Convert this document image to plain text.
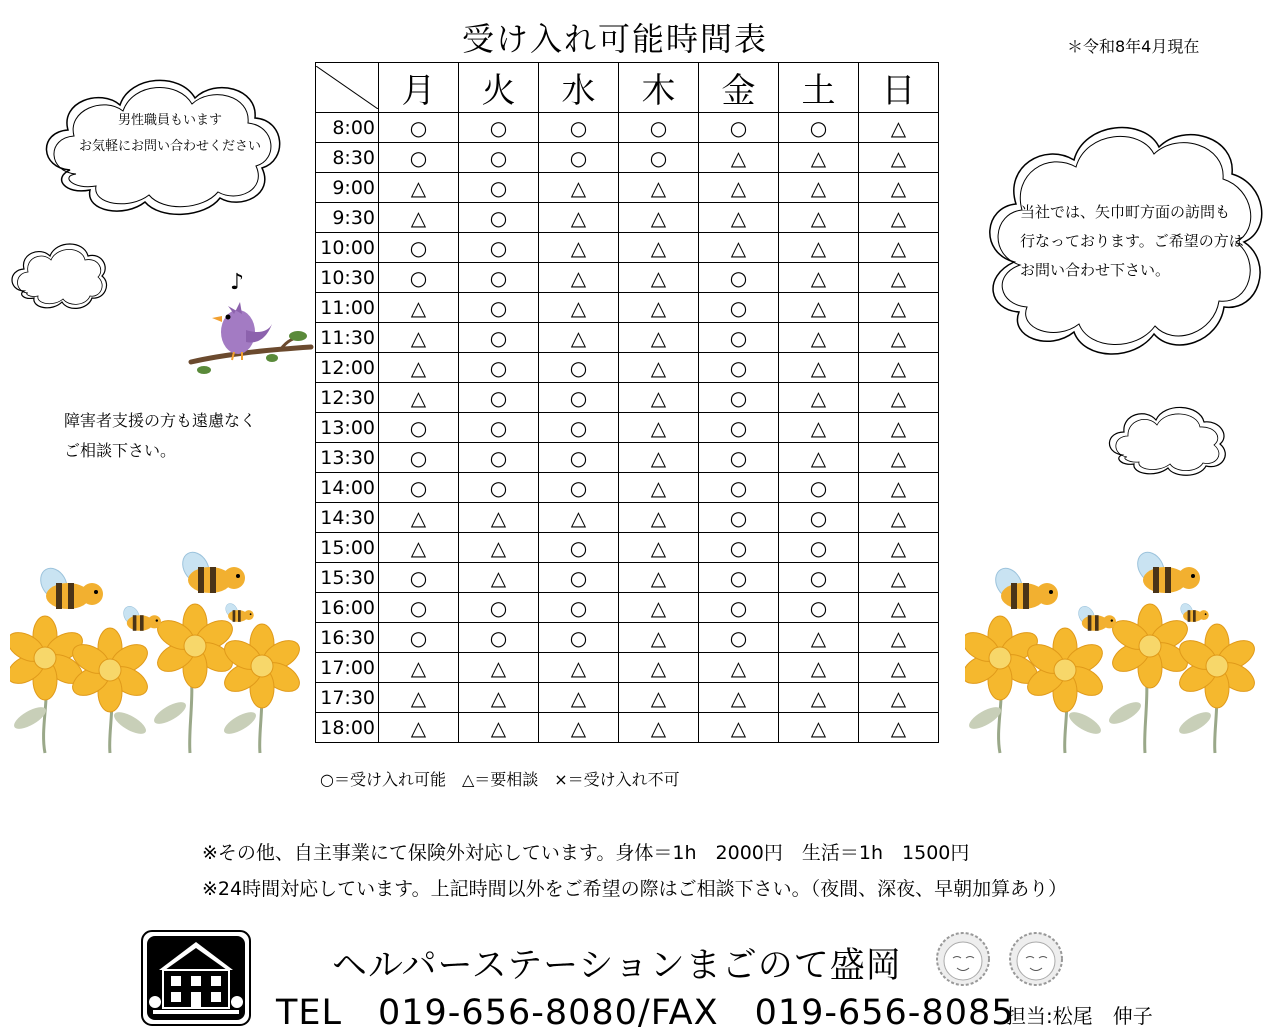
受け入れ可能時間表	＊令和8年4月現在
	月	火	水	木	金	土	日
8:00	○	○	○	○	○	○	△
8:30	○	○	○	○	△	△	△
9:00	△	○	△	△	△	△	△
9:30	△	○	△	△	△	△	△
10:00	○	○	△	△	△	△	△
10:30	○	○	△	△	○	△	△
11:00	△	○	△	△	○	△	△
11:30	△	○	△	△	○	△	△
12:00	△	○	○	△	○	△	△
12:30	△	○	○	△	○	△	△
13:00	○	○	○	△	○	△	△
13:30	○	○	○	△	○	△	△
14:00	○	○	○	△	○	○	△
14:30	△	△	△	△	○	○	△
15:00	△	△	○	△	○	○	△
15:30	○	△	○	△	○	○	△
16:00	○	○	○	△	○	○	△
16:30	○	○	○	△	○	△	△
17:00	△	△	△	△	△	△	△
17:30	△	△	△	△	△	△	△
18:00	△	△	△	△	△	△	△
○＝受け入れ可能　△＝要相談　×＝受け入れ不可
※その他、自主事業にて保険外対応しています。身体＝1h　2000円　生活＝1h　1500円
※24時間対応しています。上記時間以外をご希望の際はご相談下さい。（夜間、深夜、早朝加算あり）
男性職員もいます
お気軽にお問い合わせください
当社では、矢巾町方面の訪問も
行なっております。ご希望の方は
お問い合わせ下さい。
障害者支援の方も遠慮なく
ご相談下さい。
♪
ヘルパーステーションまごのて盛岡
TEL　019-656-8080/FAX　019-656-8085
担当:松尾　伸子
